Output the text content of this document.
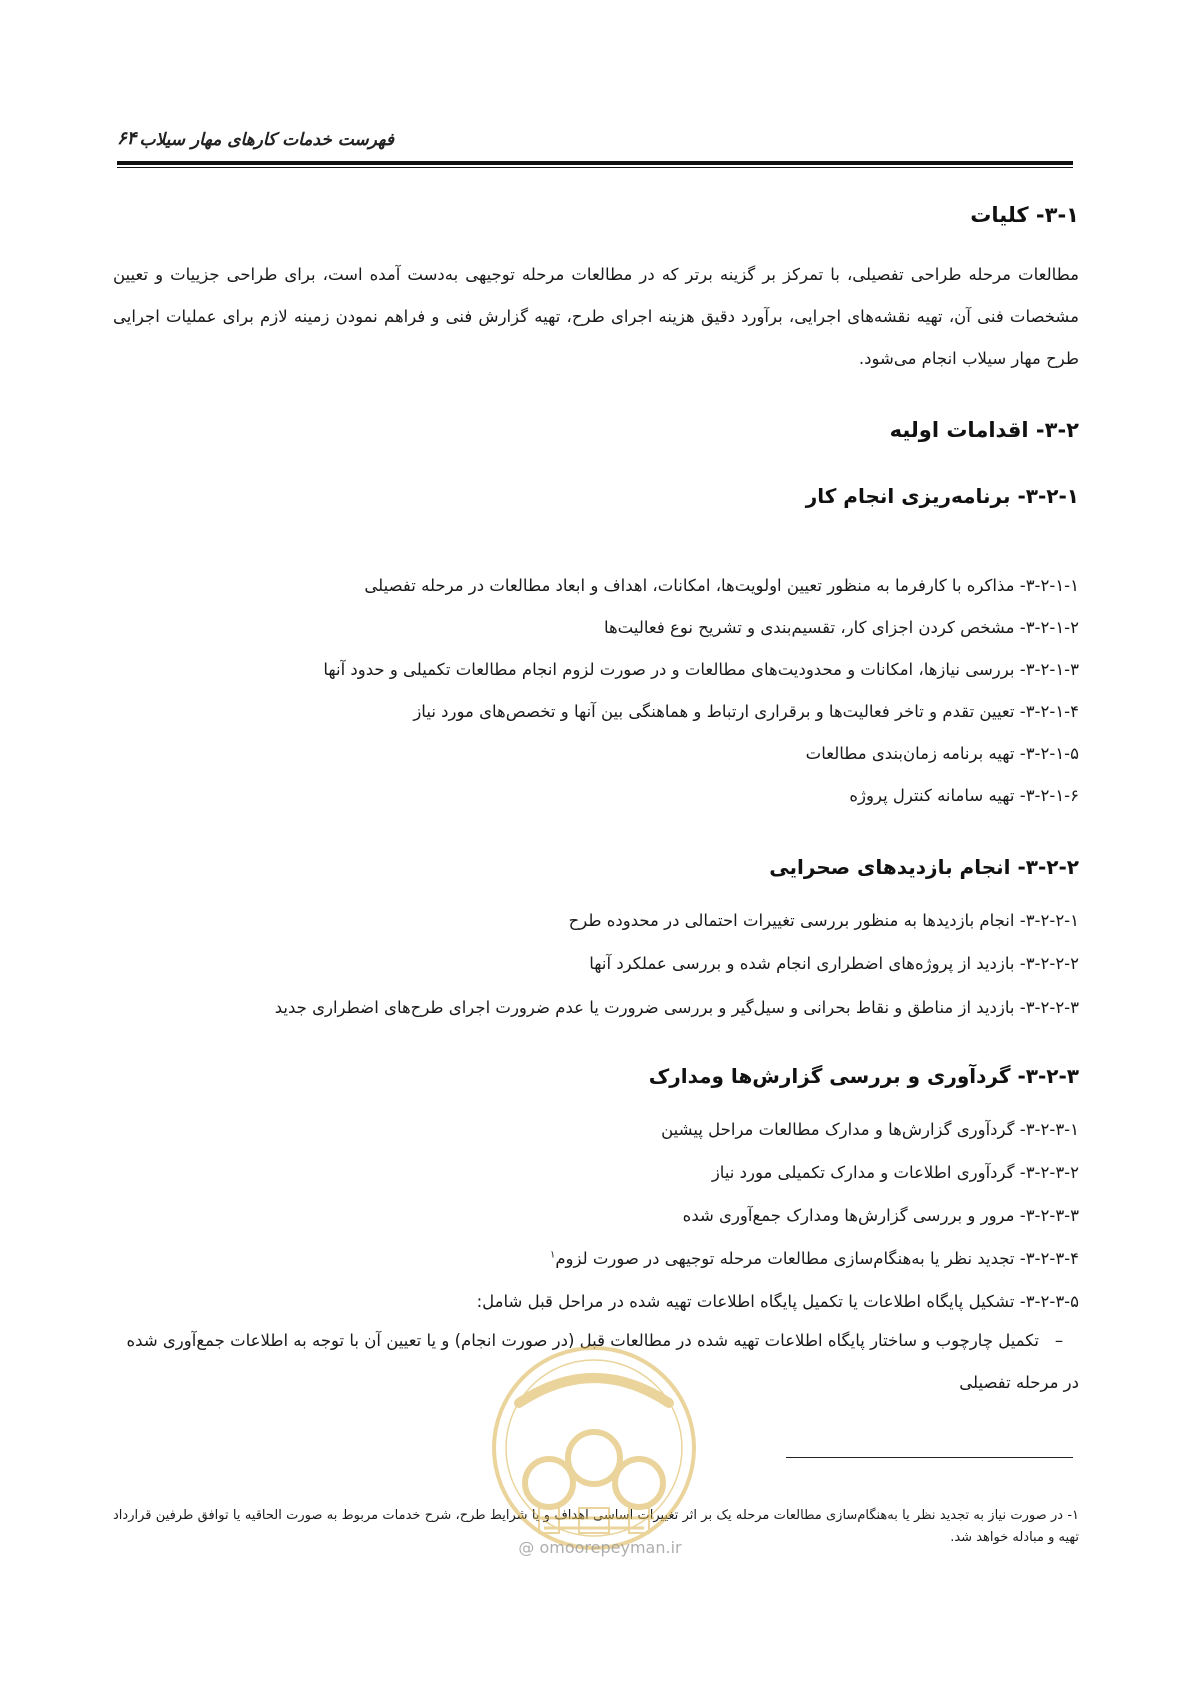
فهرست خدمات کارهای مهار سیلاب
۶۴
۳-۱- کلیات
مطالعات مرحله طراحی تفصیلی، با تمرکز بر گزینه برتر که در مطالعات مرحله توجیهی به‌دست آمده است، برای طراحی جزییات و تعیین مشخصات فنی آن، تهیه نقشه‌های اجرایی، برآورد دقیق هزینه اجرای طرح، تهیه گزارش فنی و فراهم نمودن زمینه لازم برای عملیات اجرایی طرح مهار سیلاب انجام می‌شود.
۳-۲- اقدامات اولیه
۳-۲-۱- برنامه‌ریزی انجام کار
۳-۲-۱-۱- مذاکره با کارفرما به منظور تعیین اولویت‌ها، امکانات، اهداف و ابعاد مطالعات در مرحله تفصیلی
۳-۲-۱-۲- مشخص کردن اجزای کار، تقسیم‌بندی و تشریح نوع فعالیت‌ها
۳-۲-۱-۳- بررسی نیازها، امکانات و محدودیت‌های مطالعات و در صورت لزوم انجام مطالعات تکمیلی و حدود آنها
۳-۲-۱-۴- تعیین تقدم و تاخر فعالیت‌ها و برقراری ارتباط و هماهنگی بین آنها و تخصص‌های مورد نیاز
۳-۲-۱-۵- تهیه برنامه زمان‌بندی مطالعات
۳-۲-۱-۶- تهیه سامانه کنترل پروژه
۳-۲-۲- انجام بازدیدهای صحرایی
۳-۲-۲-۱- انجام بازدیدها به منظور بررسی تغییرات احتمالی در محدوده طرح
۳-۲-۲-۲- بازدید از پروژه‌های اضطراری انجام شده و بررسی عملکرد آنها
۳-۲-۲-۳- بازدید از مناطق و نقاط بحرانی و سیل‌گیر و بررسی ضرورت یا عدم ضرورت اجرای طرح‌های اضطراری جدید
۳-۲-۳- گردآوری و بررسی گزارش‌ها ومدارک
۳-۲-۳-۱- گردآوری گزارش‌ها و مدارک مطالعات مراحل پیشین
۳-۲-۳-۲- گردآوری اطلاعات و مدارک تکمیلی مورد نیاز
۳-۲-۳-۳- مرور و بررسی گزارش‌ها ومدارک جمع‌آوری شده
۳-۲-۳-۴- تجدید نظر یا به‌هنگام‌سازی مطالعات مرحله توجیهی در صورت لزوم$^۱$
۳-۲-۳-۵- تشکیل پایگاه اطلاعات یا تکمیل پایگاه اطلاعات تهیه شده در مراحل قبل شامل:
–تکمیل چارچوب و ساختار پایگاه اطلاعات تهیه شده در مطالعات قبل (در صورت انجام) و یا تعیین آن با توجه به اطلاعات جمع‌آوری شده در مرحله تفصیلی
۱- در صورت نیاز به تجدید نظر یا به‌هنگام‌سازی مطالعات مرحله یک بر اثر تغییرات اساسی اهداف و یا شرایط طرح، شرح خدمات مربوط به صورت الحاقیه یا توافق طرفین قرارداد تهیه و مبادله خواهد شد.
@ omoorepeyman.ir
